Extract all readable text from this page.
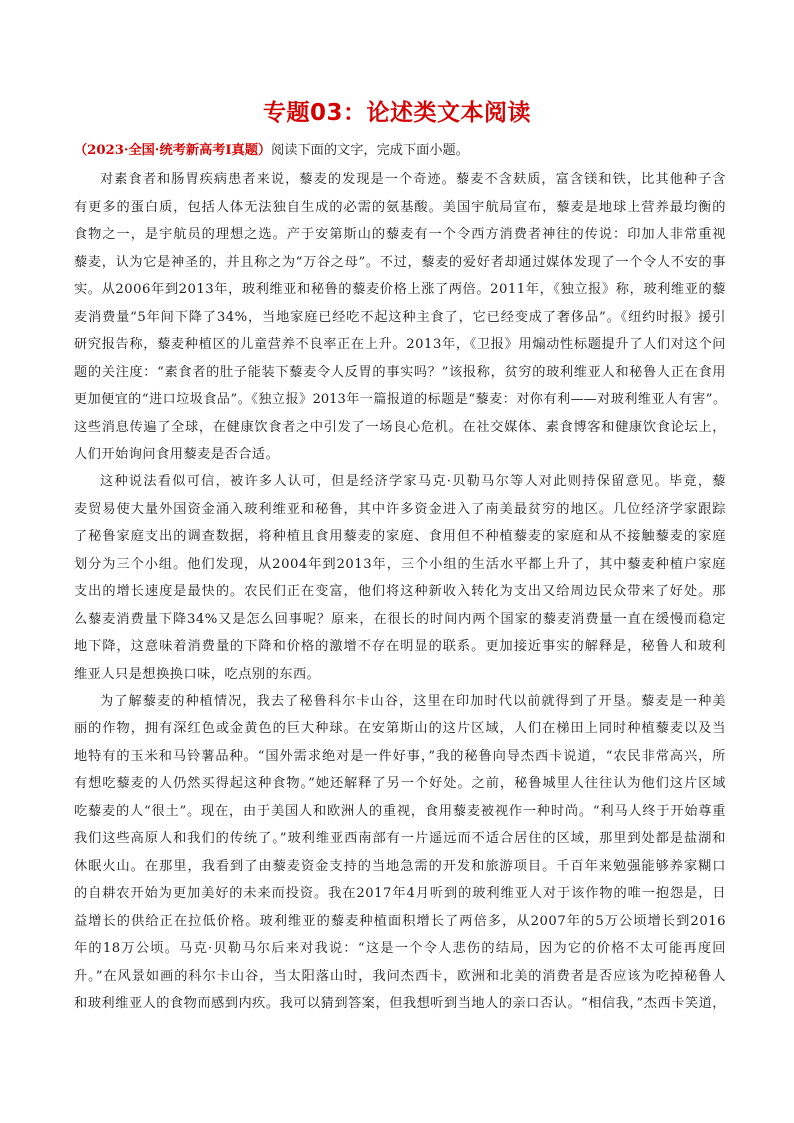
专题03：论述类文本阅读
（2023·全国·统考新高考Ⅰ真题）阅读下面的文字，完成下面小题。
对素食者和肠胃疾病患者来说，藜麦的发现是一个奇迹。藜麦不含麸质，富含镁和铁，比其他种子含
有更多的蛋白质，包括人体无法独自生成的必需的氨基酸。美国宇航局宣布，藜麦是地球上营养最均衡的
食物之一，是宇航员的理想之选。产于安第斯山的藜麦有一个令西方消费者神往的传说：印加人非常重视
藜麦，认为它是神圣的，并且称之为“万谷之母”。不过，藜麦的爱好者却通过媒体发现了一个令人不安的事
实。从2006年到2013年，玻利维亚和秘鲁的藜麦价格上涨了两倍。2011年，《独立报》称，玻利维亚的藜
麦消费量“5年间下降了34%，当地家庭已经吃不起这种主食了，它已经变成了奢侈品”。《纽约时报》援引
研究报告称，藜麦种植区的儿童营养不良率正在上升。2013年，《卫报》用煽动性标题提升了人们对这个问
题的关注度：“素食者的肚子能装下藜麦令人反胃的事实吗？”该报称，贫穷的玻利维亚人和秘鲁人正在食用
更加便宜的“进口垃圾食品”。《独立报》2013年一篇报道的标题是“藜麦：对你有利——对玻利维亚人有害”。
这些消息传遍了全球，在健康饮食者之中引发了一场良心危机。在社交媒体、素食博客和健康饮食论坛上，
人们开始询问食用藜麦是否合适。
这种说法看似可信，被许多人认可，但是经济学家马克·贝勒马尔等人对此则持保留意见。毕竟，藜
麦贸易使大量外国资金涌入玻利维亚和秘鲁，其中许多资金进入了南美最贫穷的地区。几位经济学家跟踪
了秘鲁家庭支出的调查数据，将种植且食用藜麦的家庭、食用但不种植藜麦的家庭和从不接触藜麦的家庭
划分为三个小组。他们发现，从2004年到2013年，三个小组的生活水平都上升了，其中藜麦种植户家庭
支出的增长速度是最快的。农民们正在变富，他们将这种新收入转化为支出又给周边民众带来了好处。那
么藜麦消费量下降34%又是怎么回事呢？原来，在很长的时间内两个国家的藜麦消费量一直在缓慢而稳定
地下降，这意味着消费量的下降和价格的激增不存在明显的联系。更加接近事实的解释是，秘鲁人和玻利
维亚人只是想换换口味，吃点别的东西。
为了解藜麦的种植情况，我去了秘鲁科尔卡山谷，这里在印加时代以前就得到了开垦。藜麦是一种美
丽的作物，拥有深红色或金黄色的巨大种球。在安第斯山的这片区域，人们在梯田上同时种植藜麦以及当
地特有的玉米和马铃薯品种。“国外需求绝对是一件好事，”我的秘鲁向导杰西卡说道，“农民非常高兴，所
有想吃藜麦的人仍然买得起这种食物。”她还解释了另一个好处。之前，秘鲁城里人往往认为他们这片区域
吃藜麦的人“很土”。现在，由于美国人和欧洲人的重视，食用藜麦被视作一种时尚。“利马人终于开始尊重
我们这些高原人和我们的传统了。”玻利维亚西南部有一片遥远而不适合居住的区域，那里到处都是盐湖和
休眠火山。在那里，我看到了由藜麦资金支持的当地急需的开发和旅游项目。千百年来勉强能够养家糊口
的自耕农开始为更加美好的未来而投资。我在2017年4月听到的玻利维亚人对于该作物的唯一抱怨是，日
益增长的供给正在拉低价格。玻利维亚的藜麦种植面积增长了两倍多，从2007年的5万公顷增长到2016
年的18万公顷。马克·贝勒马尔后来对我说：“这是一个令人悲伤的结局，因为它的价格不太可能再度回
升。”在风景如画的科尔卡山谷，当太阳落山时，我问杰西卡，欧洲和北美的消费者是否应该为吃掉秘鲁人
和玻利维亚人的食物而感到内疚。我可以猜到答案，但我想听到当地人的亲口否认。“相信我，”杰西卡笑道，
